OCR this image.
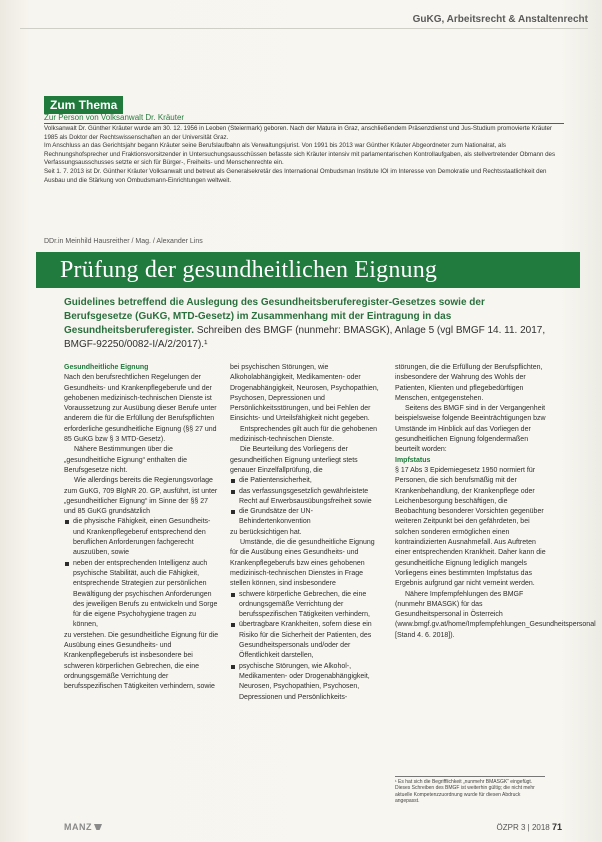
GuKG, Arbeitsrecht & Anstaltenrecht
Zum Thema
Zur Person von Volksanwalt Dr. Kräuter

Volksanwalt Dr. Günther Kräuter wurde am 30. 12. 1956 in Leoben (Steiermark) geboren. Nach der Matura in Graz, anschließendem Präsenzdienst und Jus-Studium promovierte Kräuter 1985 als Doktor der Rechtswissenschaften an der Universität Graz.

Im Anschluss an das Gerichtsjahr begann Kräuter seine Berufslaufbahn als Verwaltungsjurist. Von 1991 bis 2013 war Günther Kräuter Abgeordneter zum Nationalrat, als Rechnungshofsprecher und Fraktionsvorsitzender in Untersuchungsausschüssen befasste sich Kräuter intensiv mit parlamentarischen Kontrollaufgaben, als stellvertretender Obmann des Verfassungsausschusses setzte er sich für Bürger-, Freiheits- und Menschenrechte ein.

Seit 1. 7. 2013 ist Dr. Günther Kräuter Volksanwalt und betreut als Generalsekretär des International Ombudsman Institute IOI im Interesse von Demokratie und Rechtsstaatlichkeit den Ausbau und die Stärkung von Ombudsmann-Einrichtungen weltweit.

DDr.in Meinhild Hausreither / Mag. / Alexander Lins
Prüfung der gesundheitlichen Eignung

Guidelines betreffend die Auslegung des Gesundheitsberuferegister-Gesetzes sowie der Berufsgesetze (GuKG, MTD-Gesetz) im Zusammenhang mit der Eintragung in das Gesundheitsberuferegister. Schreiben des BMGF (nunmehr: BMASGK), Anlage 5 (vgl BMGF 14. 11. 2017, BMGF-92250/0082-I/A/2/2017).¹

Gesundheitliche Eignung

Nach den berufsrechtlichen Regelungen der Gesundheits- und Krankenpflegeberufe und der gehobenen medizinisch-technischen Dienste ist Voraussetzung zur Ausübung dieser Berufe unter anderem die für die Erfüllung der Berufspflichten erforderliche gesundheitliche Eignung (§§ 27 und 85 GuKG bzw § 3 MTD-Gesetz).

Nähere Bestimmungen über die „gesundheitliche Eignung“ enthalten die Berufsgesetze nicht.

Wie allerdings bereits die Regierungsvorlage zum GuKG, 709 BlgNR 20. GP, ausführt, ist unter „gesundheitlicher Eignung“ im Sinne der §§ 27 und 85 GuKG grundsätzlich

die physische Fähigkeit, einen Gesundheits- und Krankenpflegeberuf entsprechend den beruflichen Anforderungen fachgerecht auszuüben, sowie
neben der entsprechenden Intelligenz auch psychische Stabilität, auch die Fähigkeit, entsprechende Strategien zur persönlichen Bewältigung der psychischen Anforderungen des jeweiligen Berufs zu entwickeln und Sorge für die eigene Psychohygiene tragen zu können,

zu verstehen. Die gesundheitliche Eignung für die Ausübung eines Gesundheits- und Krankenpflegeberufs ist insbesondere bei schweren körperlichen Gebrechen, die eine ordnungsgemäße Verrichtung der berufsspezifischen Tätigkeiten verhindern, sowie

bei psychischen Störungen, wie Alkoholabhängigkeit, Medikamenten- oder Drogenabhängigkeit, Neurosen, Psychopathien, Psychosen, Depressionen und Persönlichkeitsstörungen, und bei Fehlen der Einsichts- und Urteilsfähigkeit nicht gegeben.

Entsprechendes gilt auch für die gehobenen medizinisch-technischen Dienste.

Die Beurteilung des Vorliegens der gesundheitlichen Eignung unterliegt stets genauer Einzelfallprüfung, die

die Patientensicherheit,
das verfassungsgesetzlich gewährleistete Recht auf Erwerbsausübungsfreiheit sowie
die Grundsätze der UN-Behindertenkonvention

zu berücksichtigen hat.

Umstände, die die gesundheitliche Eignung für die Ausübung eines Gesundheits- und Krankenpflegeberufs bzw eines gehobenen medizinisch-technischen Dienstes in Frage stellen können, sind insbesondere

schwere körperliche Gebrechen, die eine ordnungsgemäße Verrichtung der berufsspezifischen Tätigkeiten verhindern,
übertragbare Krankheiten, sofern diese ein Risiko für die Sicherheit der Patienten, des Gesundheitspersonals und/oder der Öffentlichkeit darstellen,
psychische Störungen, wie Alkohol-, Medikamenten- oder Drogenabhängigkeit, Neurosen, Psychopathien, Psychosen, Depressionen und Persönlichkeits-

störungen, die die Erfüllung der Berufspflichten, insbesondere der Wahrung des Wohls der Patienten, Klienten und pflegebedürftigen Menschen, entgegenstehen.

Seitens des BMGF sind in der Vergangenheit beispielsweise folgende Beeinträchtigungen bzw Umstände im Hinblick auf das Vorliegen der gesundheitlichen Eignung folgendermaßen beurteilt worden:

Impfstatus

§ 17 Abs 3 Epidemiegesetz 1950 normiert für Personen, die sich berufsmäßig mit der Krankenbehandlung, der Krankenpflege oder Leichenbesorgung beschäftigen, die Beobachtung besonderer Vorsichten gegenüber weiteren Zeitpunkt bei den gefährdeten, bei solchen sonderen ermöglichen einen kontraindizierten Ausnahmefall. Aus Auftreten einer entsprechenden Krankheit. Daher kann die gesundheitliche Eignung lediglich mangels Vorliegens eines bestimmten Impfstatus das Ergebnis aufgrund gar nicht verneint werden.

Nähere Impfempfehlungen des BMGF (nunmehr BMASGK) für das Gesundheitspersonal in Österreich (www.bmgf.gv.at/home/Impfempfehlungen_Gesundheitspersonal [Stand 4. 6. 2018]).

¹ Es hat sich die Begrifflichkeit „nunmehr BMASGK“ eingefügt. Dieses Schreiben des BMGF ist weiterhin gültig; die nicht mehr aktuelle Kompetenzzuordnung wurde für diesen Abdruck angepasst.
MANZ	ÖZPR 3 | 2018 71
